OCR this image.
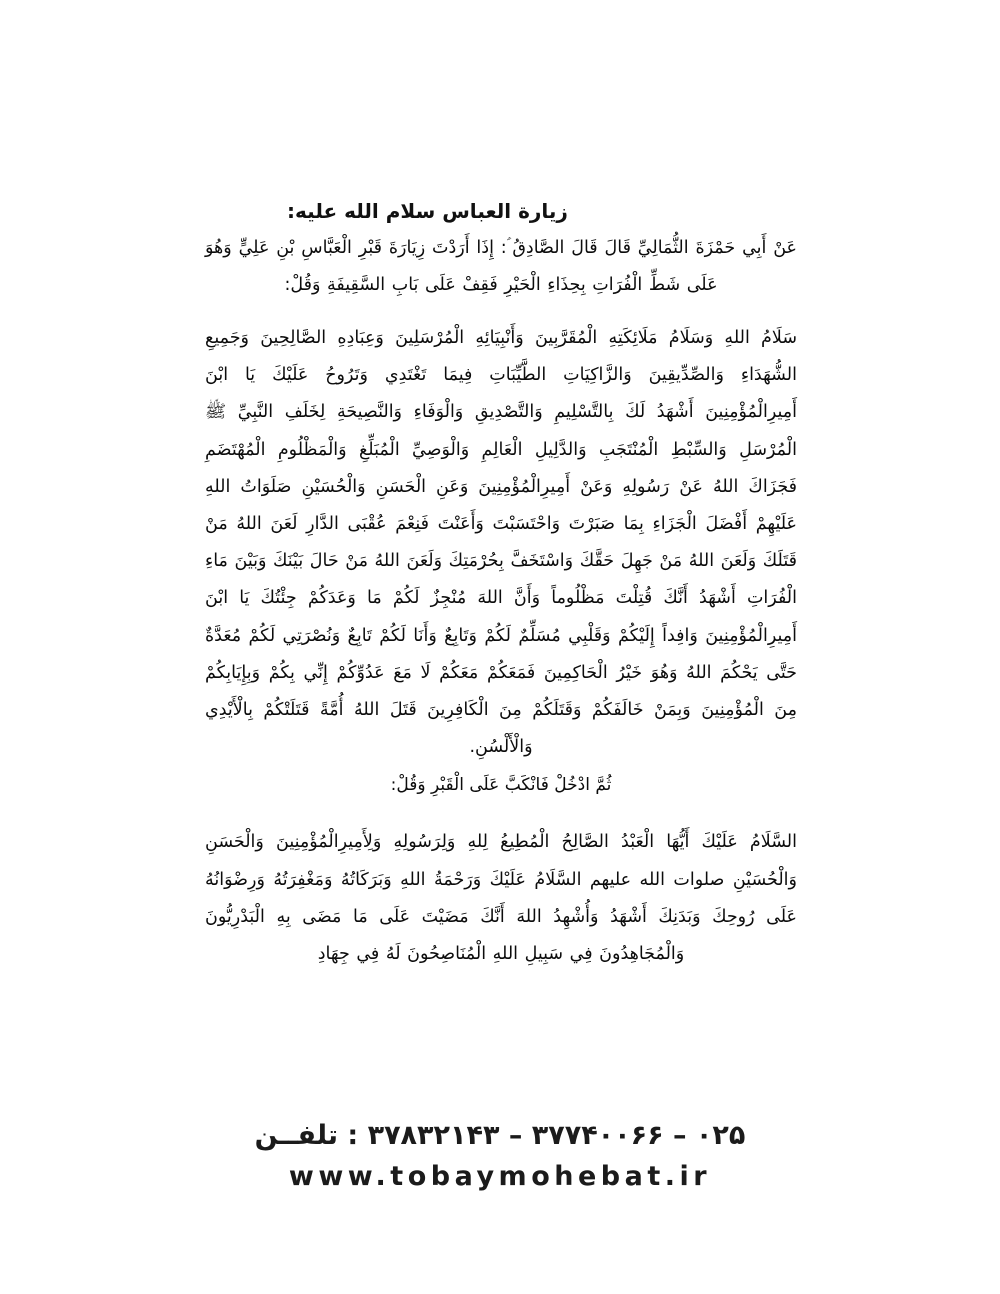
زيارة العباس سلام الله عليه:

عَنْ أَبِي حَمْزَةَ الثُّمَالِيِّ قَالَ قَالَ الصَّادِقُ ؑ: إِذَا أَرَدْتَ زِيَارَةَ قَبْرِ الْعَبَّاسِ بْنِ عَلِيٍّ وَهُوَ عَلَى شَطِّ الْفُرَاتِ بِحِذَاءِ الْحَيْرِ فَقِفْ عَلَى بَابِ السَّقِيفَةِ وَقُلْ:

سَلَامُ اللهِ وَسَلَامُ مَلَائِكَتِهِ الْمُقَرَّبِينَ وَأَنْبِيَائِهِ الْمُرْسَلِينَ وَعِبَادِهِ الصَّالِحِينَ وَجَمِيعِ الشُّهَدَاءِ وَالصِّدِّيقِينَ وَالزَّاكِيَاتِ الطَّيِّبَاتِ فِيمَا تَغْتَدِي وَتَرُوحُ عَلَيْكَ يَا ابْنَ أَمِيرِالْمُؤْمِنِينَ أَشْهَدُ لَكَ بِالتَّسْلِيمِ وَالتَّصْدِيقِ وَالْوَفَاءِ وَالنَّصِيحَةِ لِخَلَفِ النَّبِيِّ ﷺ الْمُرْسَلِ وَالسِّبْطِ الْمُنْتَجَبِ وَالدَّلِيلِ الْعَالِمِ وَالْوَصِيِّ الْمُبَلِّغِ وَالْمَظْلُومِ الْمُهْتَضَمِ فَجَزَاكَ اللهُ عَنْ رَسُولِهِ وَعَنْ أَمِيرِالْمُؤْمِنِينَ وَعَنِ الْحَسَنِ وَالْحُسَيْنِ صَلَوَاتُ اللهِ عَلَيْهِمْ أَفْضَلَ الْجَزَاءِ بِمَا صَبَرْتَ وَاحْتَسَبْتَ وَأَعَنْتَ فَنِعْمَ عُقْبَى الدَّارِ لَعَنَ اللهُ مَنْ قَتَلَكَ وَلَعَنَ اللهُ مَنْ جَهِلَ حَقَّكَ وَاسْتَخَفَّ بِحُرْمَتِكَ وَلَعَنَ اللهُ مَنْ حَالَ بَيْنَكَ وَبَيْنَ مَاءِ الْفُرَاتِ أَشْهَدُ أَنَّكَ قُتِلْتَ مَظْلُوماً وَأَنَّ اللهَ مُنْجِزٌ لَكُمْ مَا وَعَدَكُمْ جِئْتُكَ يَا ابْنَ أَمِيرِالْمُؤْمِنِينَ وَافِداً إِلَيْكُمْ وَقَلْبِي مُسَلِّمٌ لَكُمْ وَتَابِعٌ وَأَنَا لَكُمْ تَابِعٌ وَنُصْرَتِي لَكُمْ مُعَدَّةٌ حَتَّى يَحْكُمَ اللهُ وَهُوَ خَيْرُ الْحَاكِمِينَ فَمَعَكُمْ مَعَكُمْ لَا مَعَ عَدُوِّكُمْ إِنِّي بِكُمْ وَبِإِيَابِكُمْ مِنَ الْمُؤْمِنِينَ وَبِمَنْ خَالَفَكُمْ وَقَتَلَكُمْ مِنَ الْكَافِرِينَ قَتَلَ اللهُ أُمَّةً قَتَلَتْكُمْ بِالْأَيْدِي وَالْأَلْسُنِ.

ثُمَّ ادْخُلْ فَانْكَبَّ عَلَى الْقَبْرِ وَقُلْ:

السَّلَامُ عَلَيْكَ أَيُّهَا الْعَبْدُ الصَّالِحُ الْمُطِيعُ لِلهِ وَلِرَسُولِهِ وَلِأَمِيرِالْمُؤْمِنِينَ وَالْحَسَنِ وَالْحُسَيْنِ صلوات الله عليهم السَّلَامُ عَلَيْكَ وَرَحْمَةُ اللهِ وَبَرَكَاتُهُ وَمَغْفِرَتُهُ وَرِضْوَانُهُ عَلَى رُوحِكَ وَبَدَنِكَ أَشْهَدُ وَأُشْهِدُ اللهَ أَنَّكَ مَضَيْتَ عَلَى مَا مَضَى بِهِ الْبَدْرِيُّونَ وَالْمُجَاهِدُونَ فِي سَبِيلِ اللهِ الْمُنَاصِحُونَ لَهُ فِي جِهَادِ

۰۲۵ – ۳۷۷۴۰۰۶۶ – ۳۷۸۳۲۱۴۳ : تلفــن
www.tobaymohebat.ir
